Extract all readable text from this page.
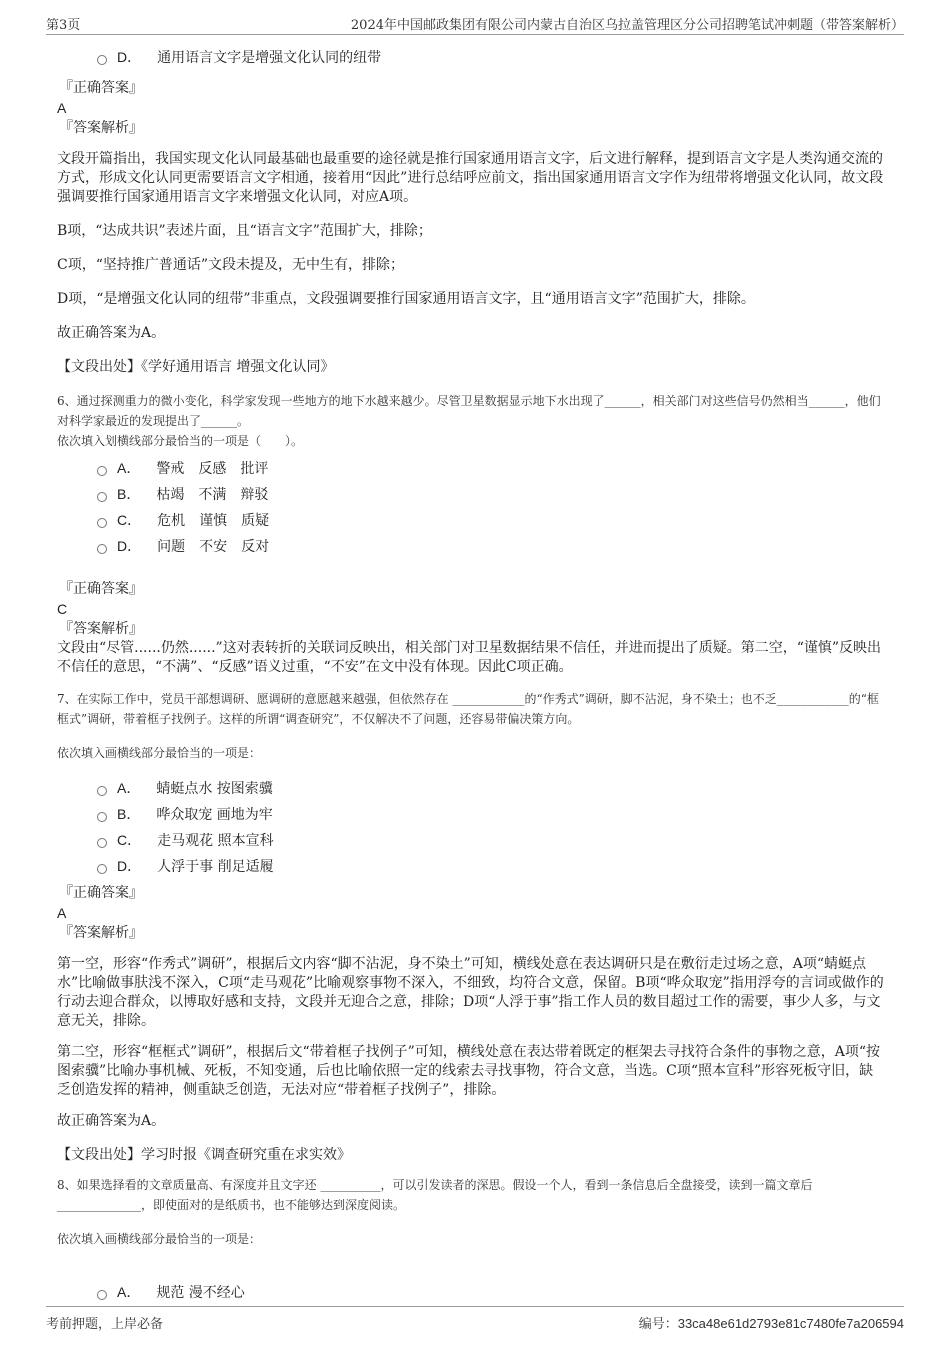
第3页	2024年中国邮政集团有限公司内蒙古自治区乌拉盖管理区分公司招聘笔试冲刺题（带答案解析）
D． 通用语言文字是增强文化认同的纽带
『正确答案』
A
『答案解析』

文段开篇指出，我国实现文化认同最基础也最重要的途径就是推行国家通用语言文字，后文进行解释，提到语言文字是人类沟通交流的方式，形成文化认同更需要语言文字相通，接着用“因此”进行总结呼应前文，指出国家通用语言文字作为纽带将增强文化认同，故文段强调要推行国家通用语言文字来增强文化认同，对应A项。

B项，“达成共识”表述片面，且“语言文字”范围扩大，排除；

C项，“坚持推广普通话”文段未提及，无中生有，排除；

D项，“是增强文化认同的纽带”非重点，文段强调要推行国家通用语言文字，且“通用语言文字”范围扩大，排除。

故正确答案为A。

【文段出处】《学好通用语言 增强文化认同》

6、通过探测重力的微小变化，科学家发现一些地方的地下水越来越少。尽管卫星数据显示地下水出现了______，相关部门对这些信号仍然相当______，他们对科学家最近的发现提出了______。

依次填入划横线部分最恰当的一项是（　　）。

A． 警戒　反感　批评
B． 枯竭　不满　辩驳
C． 危机　谨慎　质疑
D． 问题　不安　反对
『正确答案』
C
『答案解析』

文段由“尽管......仍然......”这对表转折的关联词反映出，相关部门对卫星数据结果不信任，并进而提出了质疑。第二空，“谨慎”反映出不信任的意思，“不满”、“反感”语义过重，“不安”在文中没有体现。因此C项正确。

7、在实际工作中，党员干部想调研、愿调研的意愿越来越强，但依然存在 ____________的“作秀式”调研，脚不沾泥，身不染土；也不乏____________的“框框式”调研，带着框子找例子。这样的所谓“调查研究”，不仅解决不了问题，还容易带偏决策方向。

依次填入画横线部分最恰当的一项是：

A． 蜻蜓点水 按图索骥
B． 哗众取宠 画地为牢
C． 走马观花 照本宣科
D． 人浮于事 削足适履
『正确答案』
A
『答案解析』

第一空，形容“作秀式”调研”，根据后文内容“脚不沾泥，身不染土”可知，横线处意在表达调研只是在敷衍走过场之意，A项“蜻蜓点水”比喻做事肤浅不深入，C项“走马观花”比喻观察事物不深入，不细致，均符合文意，保留。B项“哗众取宠”指用浮夸的言词或做作的行动去迎合群众，以博取好感和支持，文段并无迎合之意，排除；D项“人浮于事”指工作人员的数目超过工作的需要，事少人多，与文意无关，排除。

第二空，形容“框框式”调研”，根据后文“带着框子找例子”可知，横线处意在表达带着既定的框架去寻找符合条件的事物之意，A项“按图索骥”比喻办事机械、死板，不知变通，后也比喻依照一定的线索去寻找事物，符合文意，当选。C项“照本宣科”形容死板守旧，缺乏创造发挥的精神，侧重缺乏创造，无法对应“带着框子找例子”，排除。

故正确答案为A。

【文段出处】学习时报《调查研究重在求实效》

8、如果选择看的文章质量高、有深度并且文字还 __________，可以引发读者的深思。假设一个人，看到一条信息后全盘接受，读到一篇文章后______________，即使面对的是纸质书，也不能够达到深度阅读。

依次填入画横线部分最恰当的一项是：

A． 规范 漫不经心
考前押题，上岸必备	编号：33ca48e61d2793e81c7480fe7a206594
